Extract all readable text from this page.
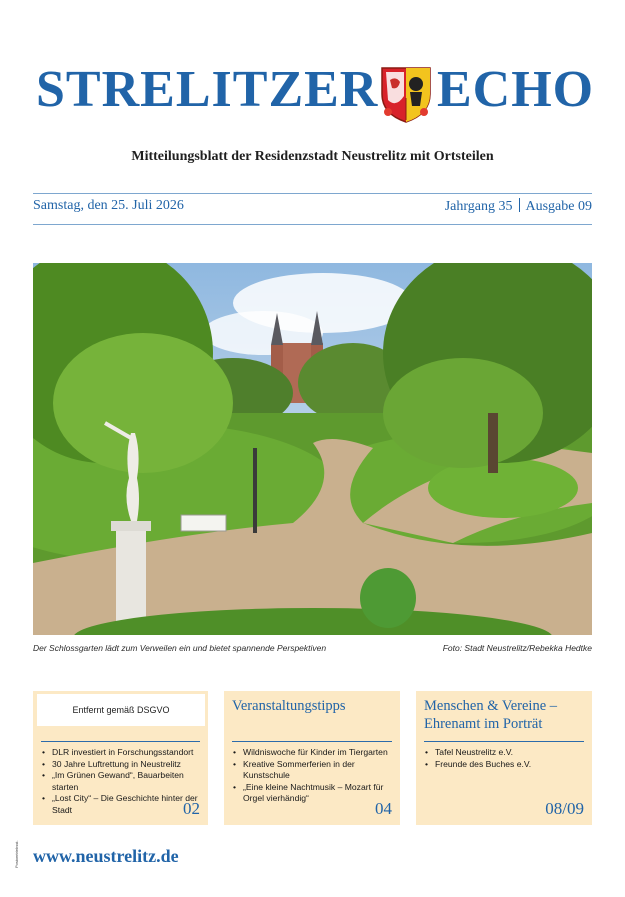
STRELITZER ECHO
Mitteilungsblatt der Residenzstadt Neustrelitz mit Ortsteilen
Samstag, den 25. Juli 2026	Jahrgang 35 Ausgabe 09
Der Schlossgarten lädt zum Verweilen ein und bietet spannende Perspektiven	Foto: Stadt Neustrelitz/Rebekka Hedtke
Entfernt gemäß DSGVO
• DLR investiert in Forschungsstandort
• 30 Jahre Luftrettung in Neustrelitz
• „Im Grünen Gewand“, Bauarbeiten starten
• „Lost City“ – Die Geschichte hinter der Stadt	02
Veranstaltungstipps
• Wildniswoche für Kinder im Tiergarten
• Kreative Sommerferien in der Kunstschule
• „Eine kleine Nachtmusik – Mozart für Orgel vierhändig“
04
Menschen & Vereine – Ehrenamt im Porträt
• Tafel Neustrelitz e.V.
• Freunde des Buches e.V.
08/09
Postvertriebsst. www.neustrelitz.de
